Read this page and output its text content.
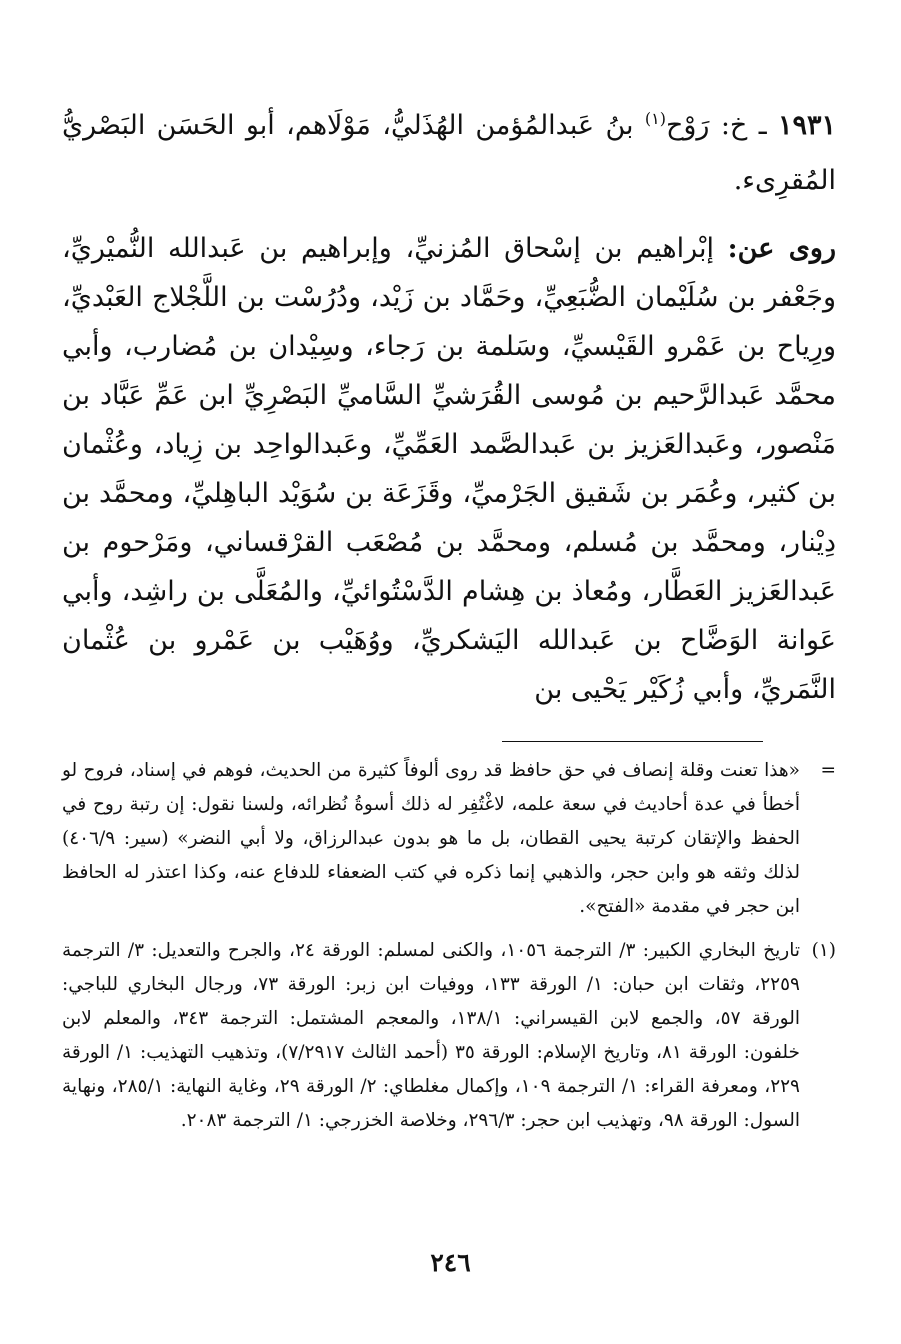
١٩٣١ ـ خ: رَوْح$^{(١)}$ بنُ عَبدالمُؤمن الهُذَليُّ، مَوْلَاهم، أبو الحَسَن البَصْريُّ المُقرِىء.

روى عن: إبْراهيم بن إسْحاق المُزنيِّ، وإبراهيم بن عَبدالله النُّميْريِّ، وجَعْفر بن سُلَيْمان الضُّبَعِيِّ، وحَمَّاد بن زَيْد، ودُرُسْت بن اللَّجْلاج العَبْديِّ، ورِياح بن عَمْرو القَيْسيِّ، وسَلمة بن رَجاء، وسِيْدان بن مُضارب، وأبي محمَّد عَبدالرَّحيم بن مُوسى القُرَشيِّ السَّاميِّ البَصْرِيِّ ابن عَمِّ عَبَّاد بن مَنْصور، وعَبدالعَزيز بن عَبدالصَّمد العَمِّيِّ، وعَبدالواحِد بن زِياد، وعُثْمان بن كثير، وعُمَر بن شَقيق الجَرْميِّ، وقَزَعَة بن سُوَيْد الباهِليِّ، ومحمَّد بن دِيْنار، ومحمَّد بن مُسلم، ومحمَّد بن مُصْعَب القرْقساني، ومَرْحوم بن عَبدالعَزيز العَطَّار، ومُعاذ بن هِشام الدَّسْتُوائيِّ، والمُعَلَّى بن راشِد، وأبي عَوانة الوَضَّاح بن عَبدالله اليَشكريِّ، ووُهَيْب بن عَمْرو بن عُثْمان النَّمَريِّ، وأبي زُكَيْر يَحْيى بن

=
«هذا تعنت وقلة إنصاف في حق حافظ قد روى ألوفاً كثيرة من الحديث، فوهم في إسناد، فروح لو أخطأ في عدة أحاديث في سعة علمه، لاغْتُفِر له ذلك أسوةُ نُظرائه، ولسنا نقول: إن رتبة روح في الحفظ والإتقان كرتبة يحيى القطان، بل ما هو بدون عبدالرزاق، ولا أبي النضر» (سير: ٤٠٦/٩) لذلك وثقه هو وابن حجر، والذهبي إنما ذكره في كتب الضعفاء للدفاع عنه، وكذا اعتذر له الحافظ ابن حجر في مقدمة «الفتح».

(١)
تاريخ البخاري الكبير: ٣/ الترجمة ١٠٥٦، والكنى لمسلم: الورقة ٢٤، والجرح والتعديل: ٣/ الترجمة ٢٢٥٩، وثقات ابن حبان: ١/ الورقة ١٣٣، ووفيات ابن زبر: الورقة ٧٣، ورجال البخاري للباجي: الورقة ٥٧، والجمع لابن القيسراني: ١٣٨/١، والمعجم المشتمل: الترجمة ٣٤٣، والمعلم لابن خلفون: الورقة ٨١، وتاريخ الإسلام: الورقة ٣٥ (أحمد الثالث ٧/٢٩١٧)، وتذهيب التهذيب: ١/ الورقة ٢٢٩، ومعرفة القراء: ١/ الترجمة ١٠٩، وإكمال مغلطاي: ٢/ الورقة ٢٩، وغاية النهاية: ٢٨٥/١، ونهاية السول: الورقة ٩٨، وتهذيب ابن حجر: ٢٩٦/٣، وخلاصة الخزرجي: ١/ الترجمة ٢٠٨٣.

٢٤٦
